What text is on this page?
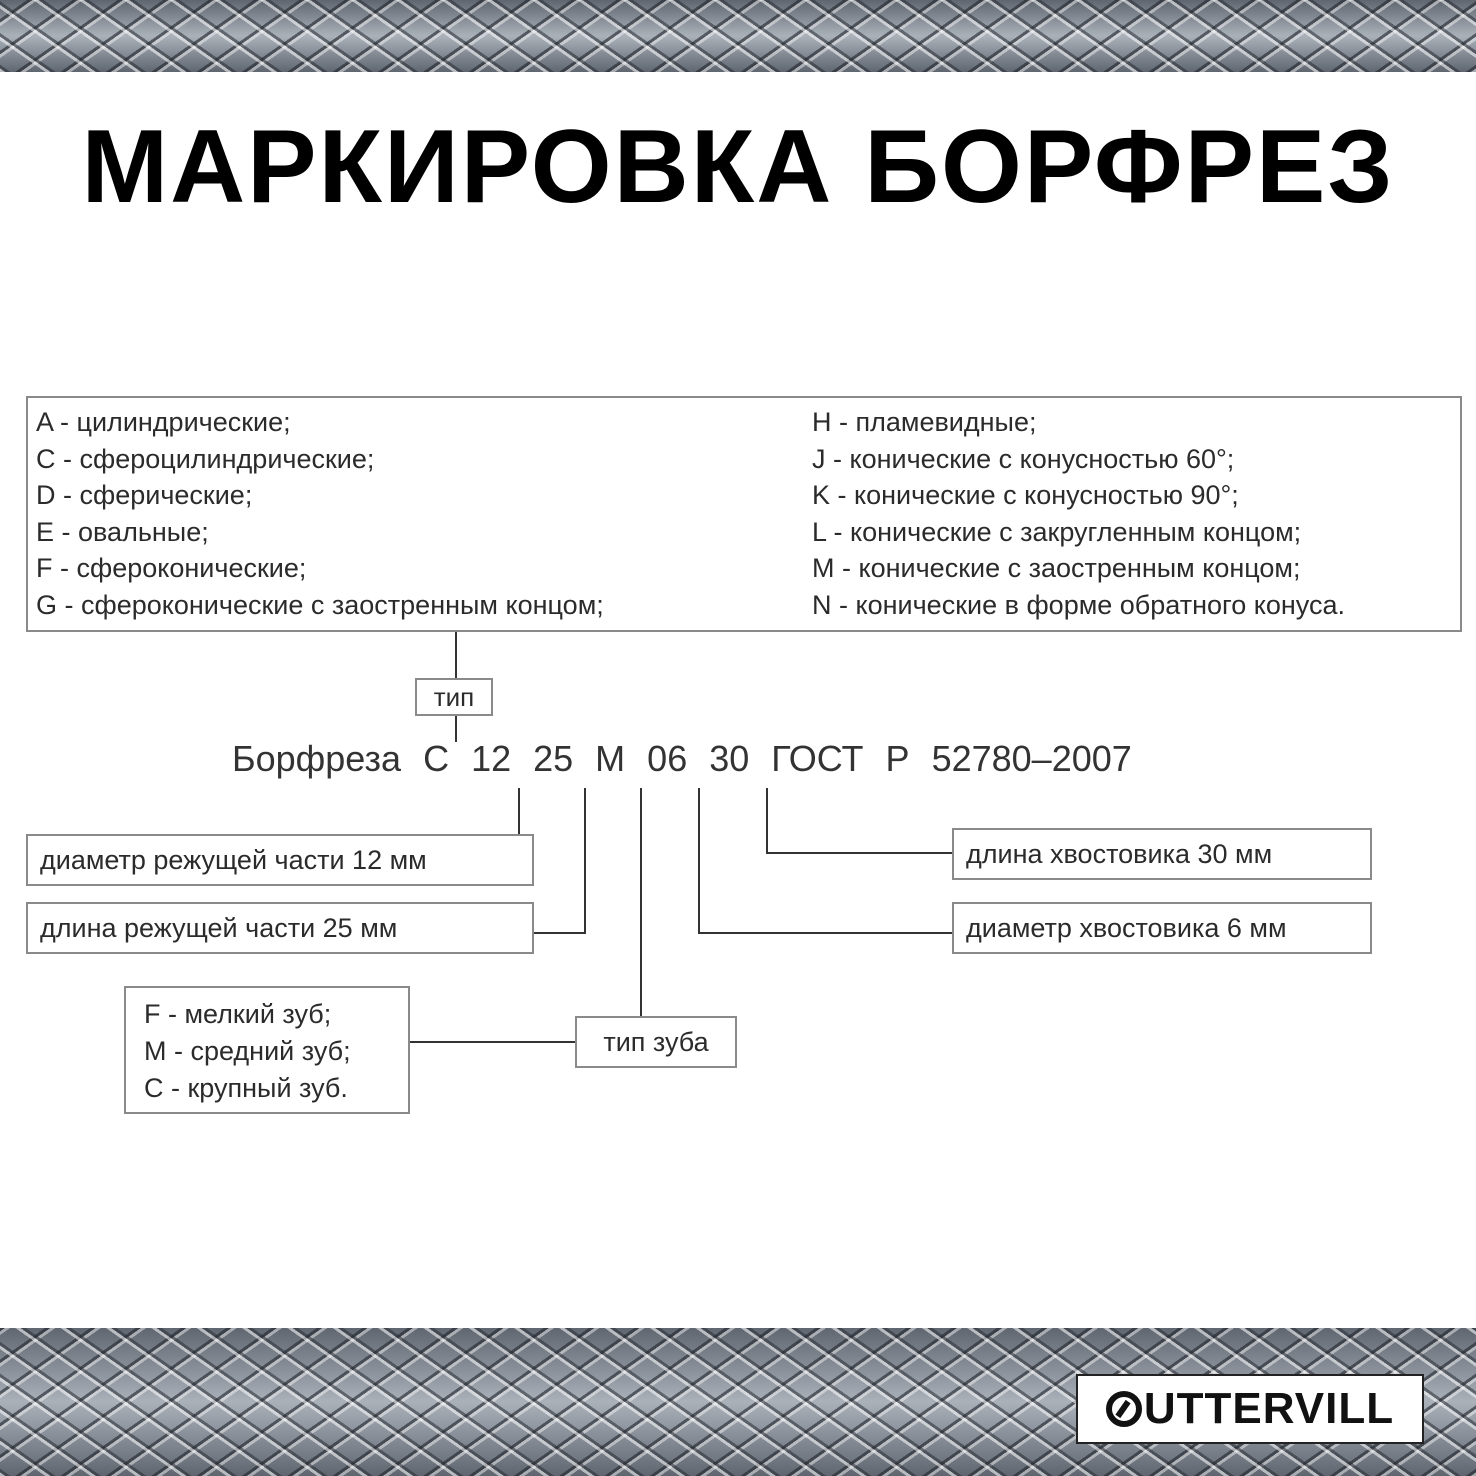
МАРКИРОВКА БОРФРЕЗ
A - цилиндрические;
C - сфероцилиндрические;
D - сферические;
E - овальные;
F - сфероконические;
G - сфероконические с заостренным концом;
H - пламевидные;
J - конические с конусностью 60°;
K - конические с конусностью 90°;
L - конические с закругленным концом;
M - конические с заостренным концом;
N - конические в форме обратного конуса.
тип
Борфреза C 12 25 M 06 30 ГОСТ Р 52780–2007
диаметр режущей части 12 мм
длина режущей части 25 мм
тип зуба
F - мелкий зуб;
M - средний зуб;
C - крупный зуб.
диаметр хвостовика 6 мм
длина хвостовика 30 мм
UTTERVILL
